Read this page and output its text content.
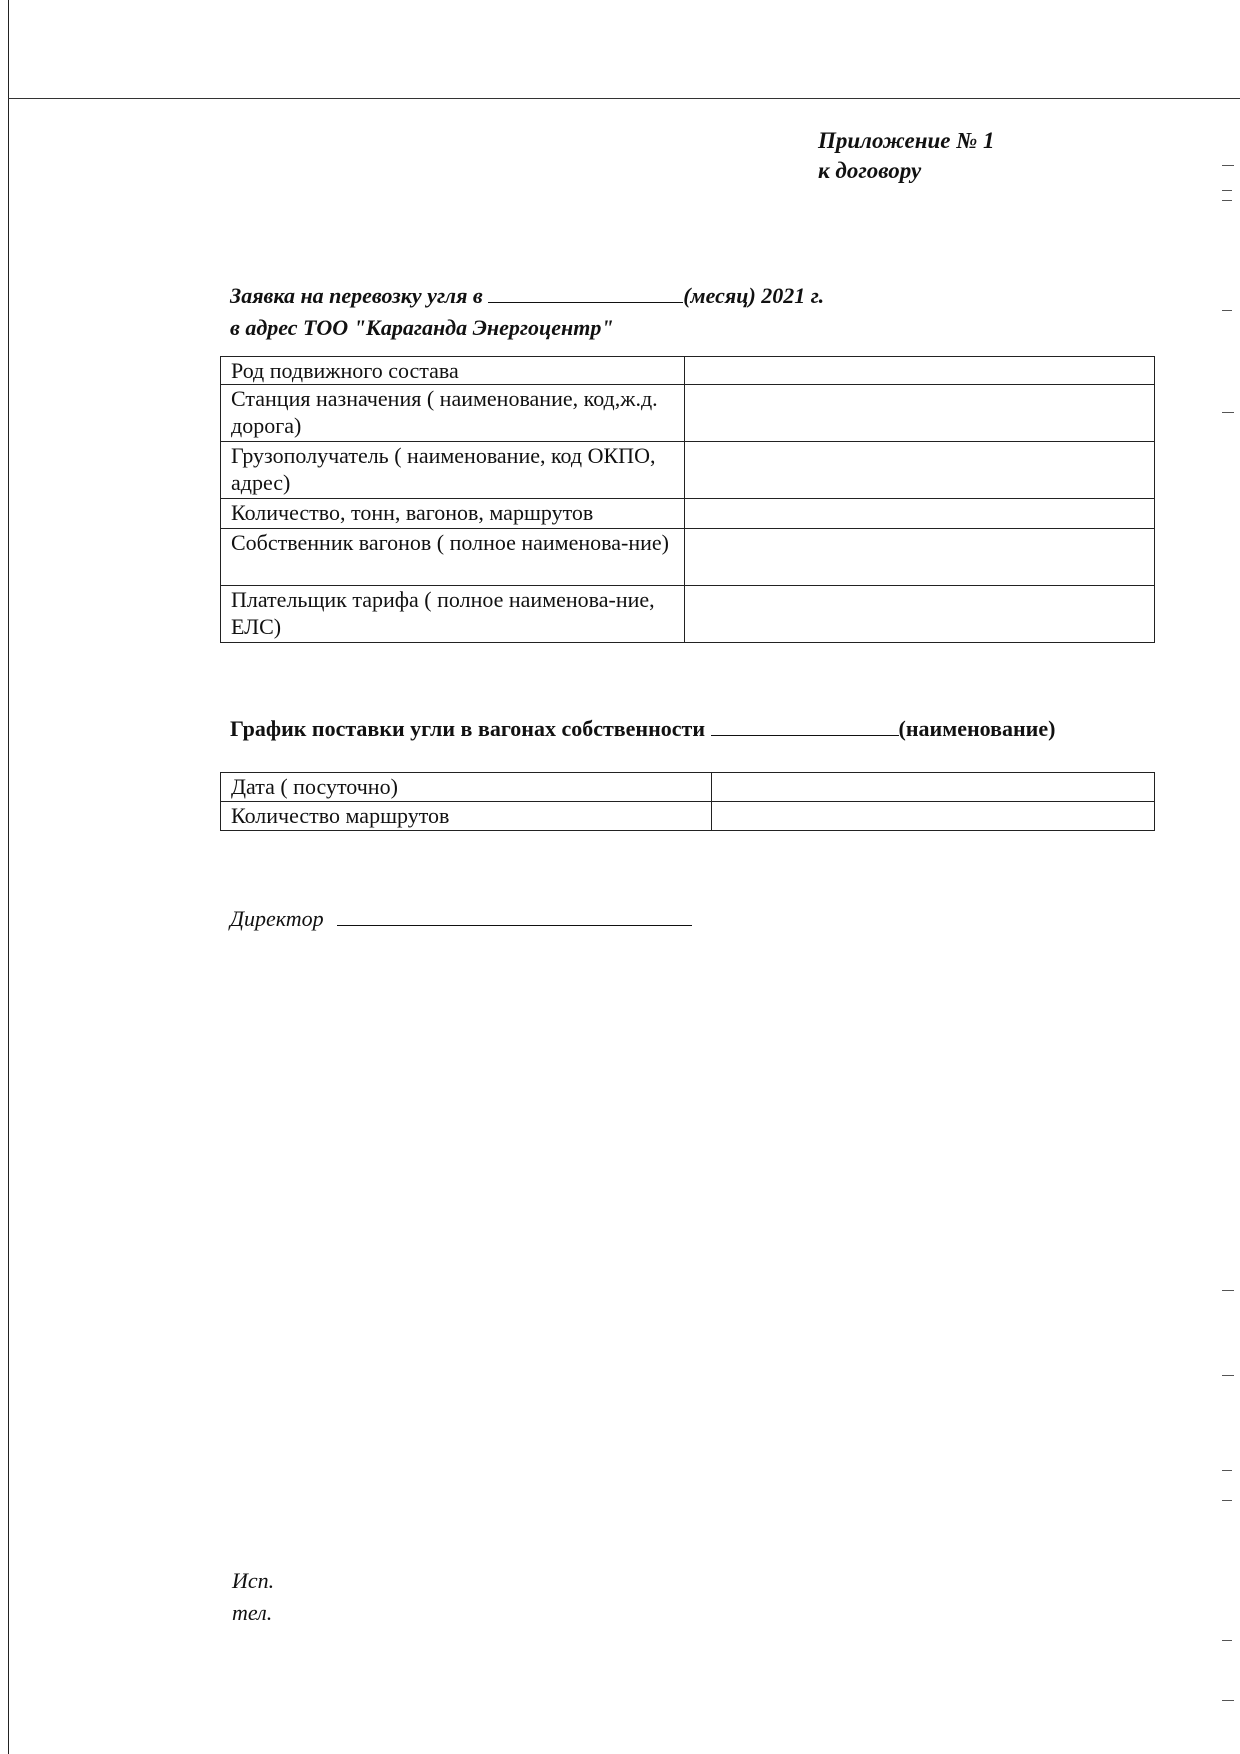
Приложение № 1
к договору
Заявка на перевозку угля в	(месяц) 2021 г.
в адрес ТОО "Караганда Энергоцентр"
Род подвижного состава	
Станция назначения ( наименование, код,ж.д. дорога)	
Грузополучатель ( наименование, код ОКПО, адрес)	
Количество, тонн, вагонов, маршрутов	
Собственник вагонов ( полное наименова-ние)	
Плательщик тарифа ( полное наименова-ние, ЕЛС)	
График поставки угли в вагонах собственности	(наименование)
Дата ( посуточно)	
Количество маршрутов	
Директор
Исп.
тел.
